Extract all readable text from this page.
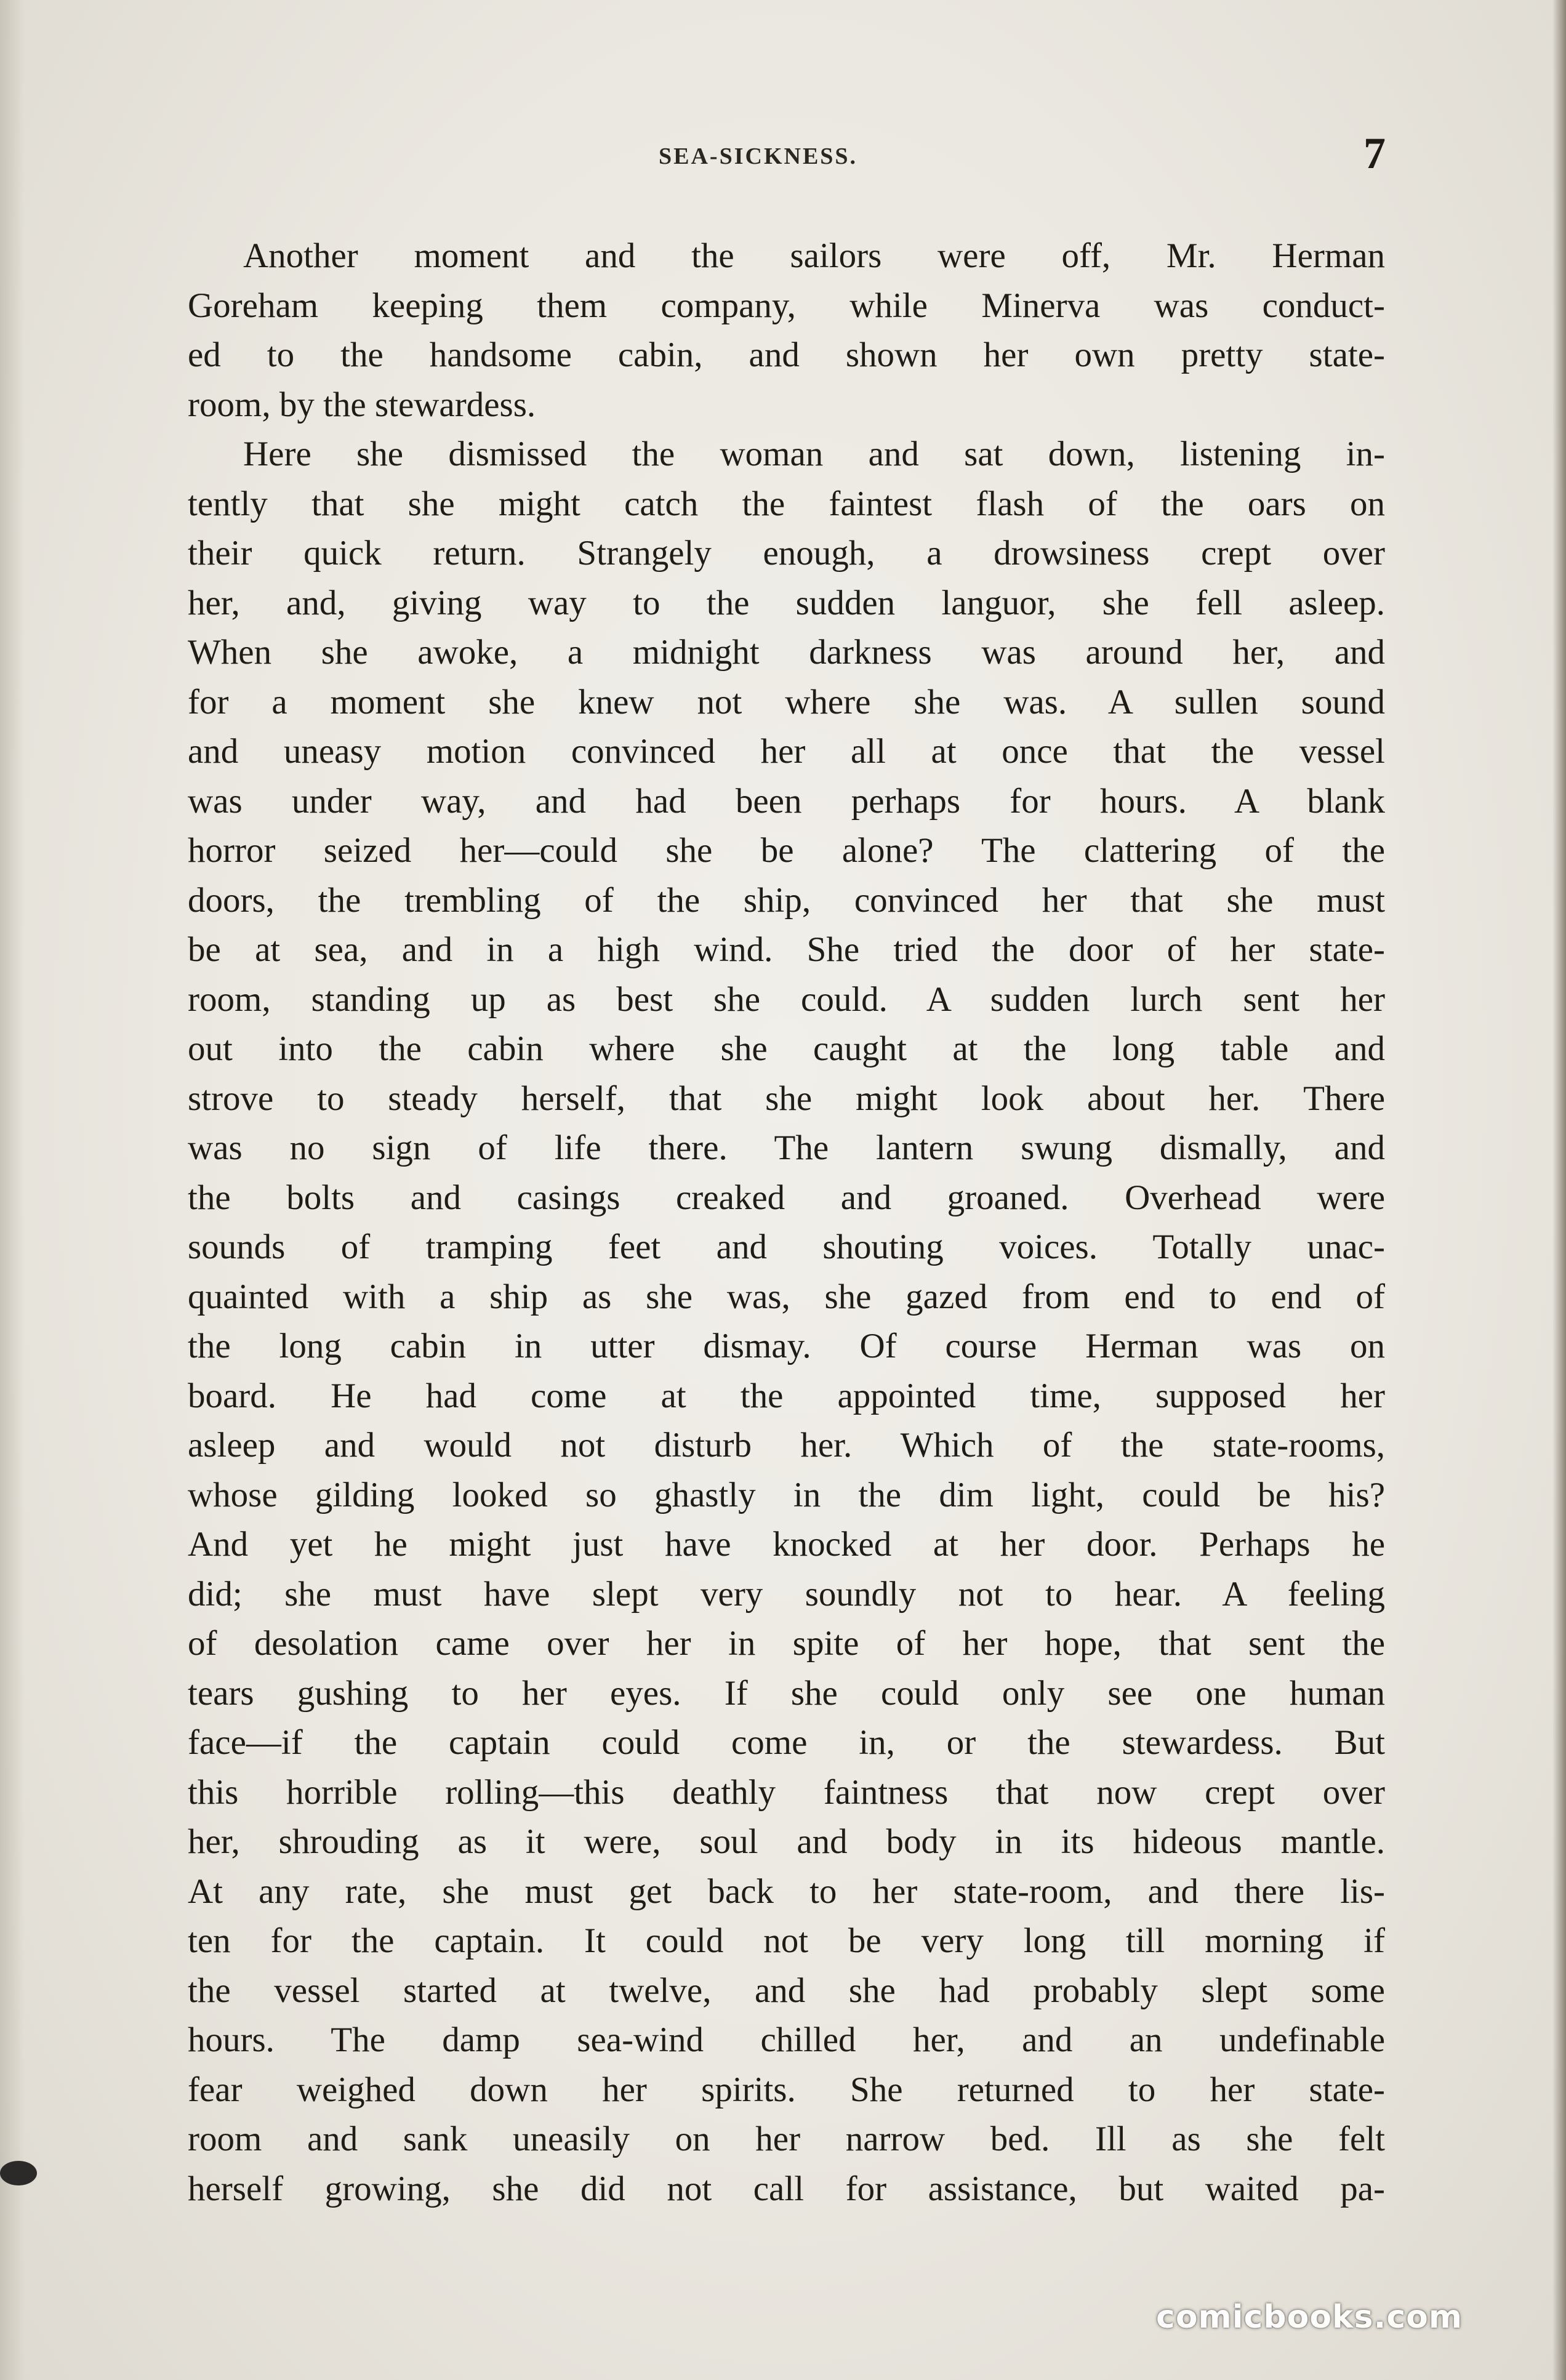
SEA-SICKNESS.	7
Another moment and the sailors were off, Mr. Herman
Goreham keeping them company, while Minerva was conduct-
ed to the handsome cabin, and shown her own pretty state-
room, by the stewardess.
Here she dismissed the woman and sat down, listening in-
tently that she might catch the faintest flash of the oars on
their quick return. Strangely enough, a drowsiness crept over
her, and, giving way to the sudden languor, she fell asleep.
When she awoke, a midnight darkness was around her, and
for a moment she knew not where she was. A sullen sound
and uneasy motion convinced her all at once that the vessel
was under way, and had been perhaps for hours. A blank
horror seized her—could she be alone? The clattering of the
doors, the trembling of the ship, convinced her that she must
be at sea, and in a high wind. She tried the door of her state-
room, standing up as best she could. A sudden lurch sent her
out into the cabin where she caught at the long table and
strove to steady herself, that she might look about her. There
was no sign of life there. The lantern swung dismally, and
the bolts and casings creaked and groaned. Overhead were
sounds of tramping feet and shouting voices. Totally unac-
quainted with a ship as she was, she gazed from end to end of
the long cabin in utter dismay. Of course Herman was on
board. He had come at the appointed time, supposed her
asleep and would not disturb her. Which of the state-rooms,
whose gilding looked so ghastly in the dim light, could be his?
And yet he might just have knocked at her door. Perhaps he
did; she must have slept very soundly not to hear. A feeling
of desolation came over her in spite of her hope, that sent the
tears gushing to her eyes. If she could only see one human
face—if the captain could come in, or the stewardess. But
this horrible rolling—this deathly faintness that now crept over
her, shrouding as it were, soul and body in its hideous mantle.
At any rate, she must get back to her state-room, and there lis-
ten for the captain. It could not be very long till morning if
the vessel started at twelve, and she had probably slept some
hours. The damp sea-wind chilled her, and an undefinable
fear weighed down her spirits. She returned to her state-
room and sank uneasily on her narrow bed. Ill as she felt
herself growing, she did not call for assistance, but waited pa-
comicbooks.com
